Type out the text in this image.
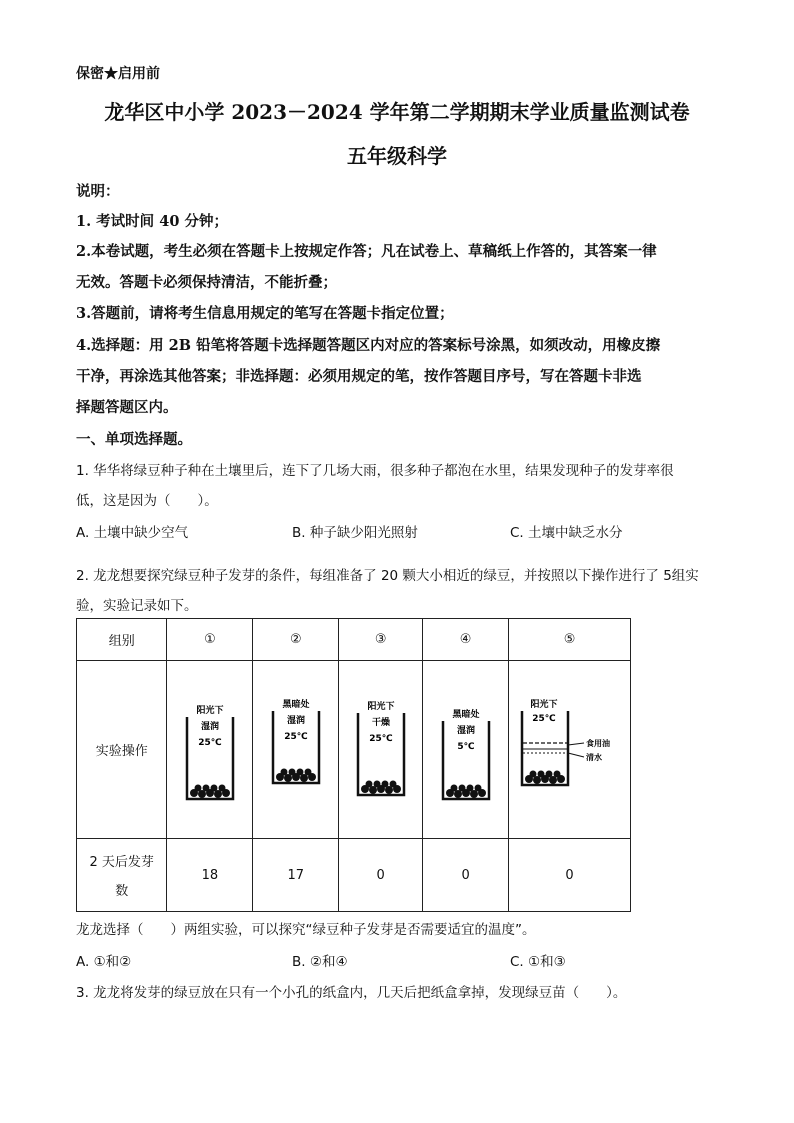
保密★启用前
龙华区中小学 2023－2024 学年第二学期期末学业质量监测试卷
五年级科学
说明：
1. 考试时间 40 分钟；
2.本卷试题，考生必须在答题卡上按规定作答；凡在试卷上、草稿纸上作答的，其答案一律
无效。答题卡必须保持清洁，不能折叠；
3.答题前，请将考生信息用规定的笔写在答题卡指定位置；
4.选择题：用 2B 铅笔将答题卡选择题答题区内对应的答案标号涂黑，如须改动，用橡皮擦
干净，再涂选其他答案；非选择题：必须用规定的笔，按作答题目序号，写在答题卡非选
择题答题区内。
一、单项选择题。
1. 华华将绿豆种子种在土壤里后，连下了几场大雨，很多种子都泡在水里，结果发现种子的发芽率很
低，这是因为（　　）。
A. 土壤中缺少空气	B. 种子缺少阳光照射	C. 土壤中缺乏水分
2. 龙龙想要探究绿豆种子发芽的条件，每组准备了 20 颗大小相近的绿豆，并按照以下操作进行了 5组实
验，实验记录如下。
组别	①	②	③	④	⑤
实验操作	阳光下
湿润
25℃	黑暗处
湿润
25℃	阳光下
干燥
25℃	黑暗处
湿润
5℃	阳光下
25℃
食用油
清水

2 天后发芽
数	18	17	0	0	0
龙龙选择（　　）两组实验，可以探究“绿豆种子发芽是否需要适宜的温度”。
A. ①和②	B. ②和④	C. ①和③
3. 龙龙将发芽的绿豆放在只有一个小孔的纸盒内，几天后把纸盒拿掉，发现绿豆苗（　　）。
